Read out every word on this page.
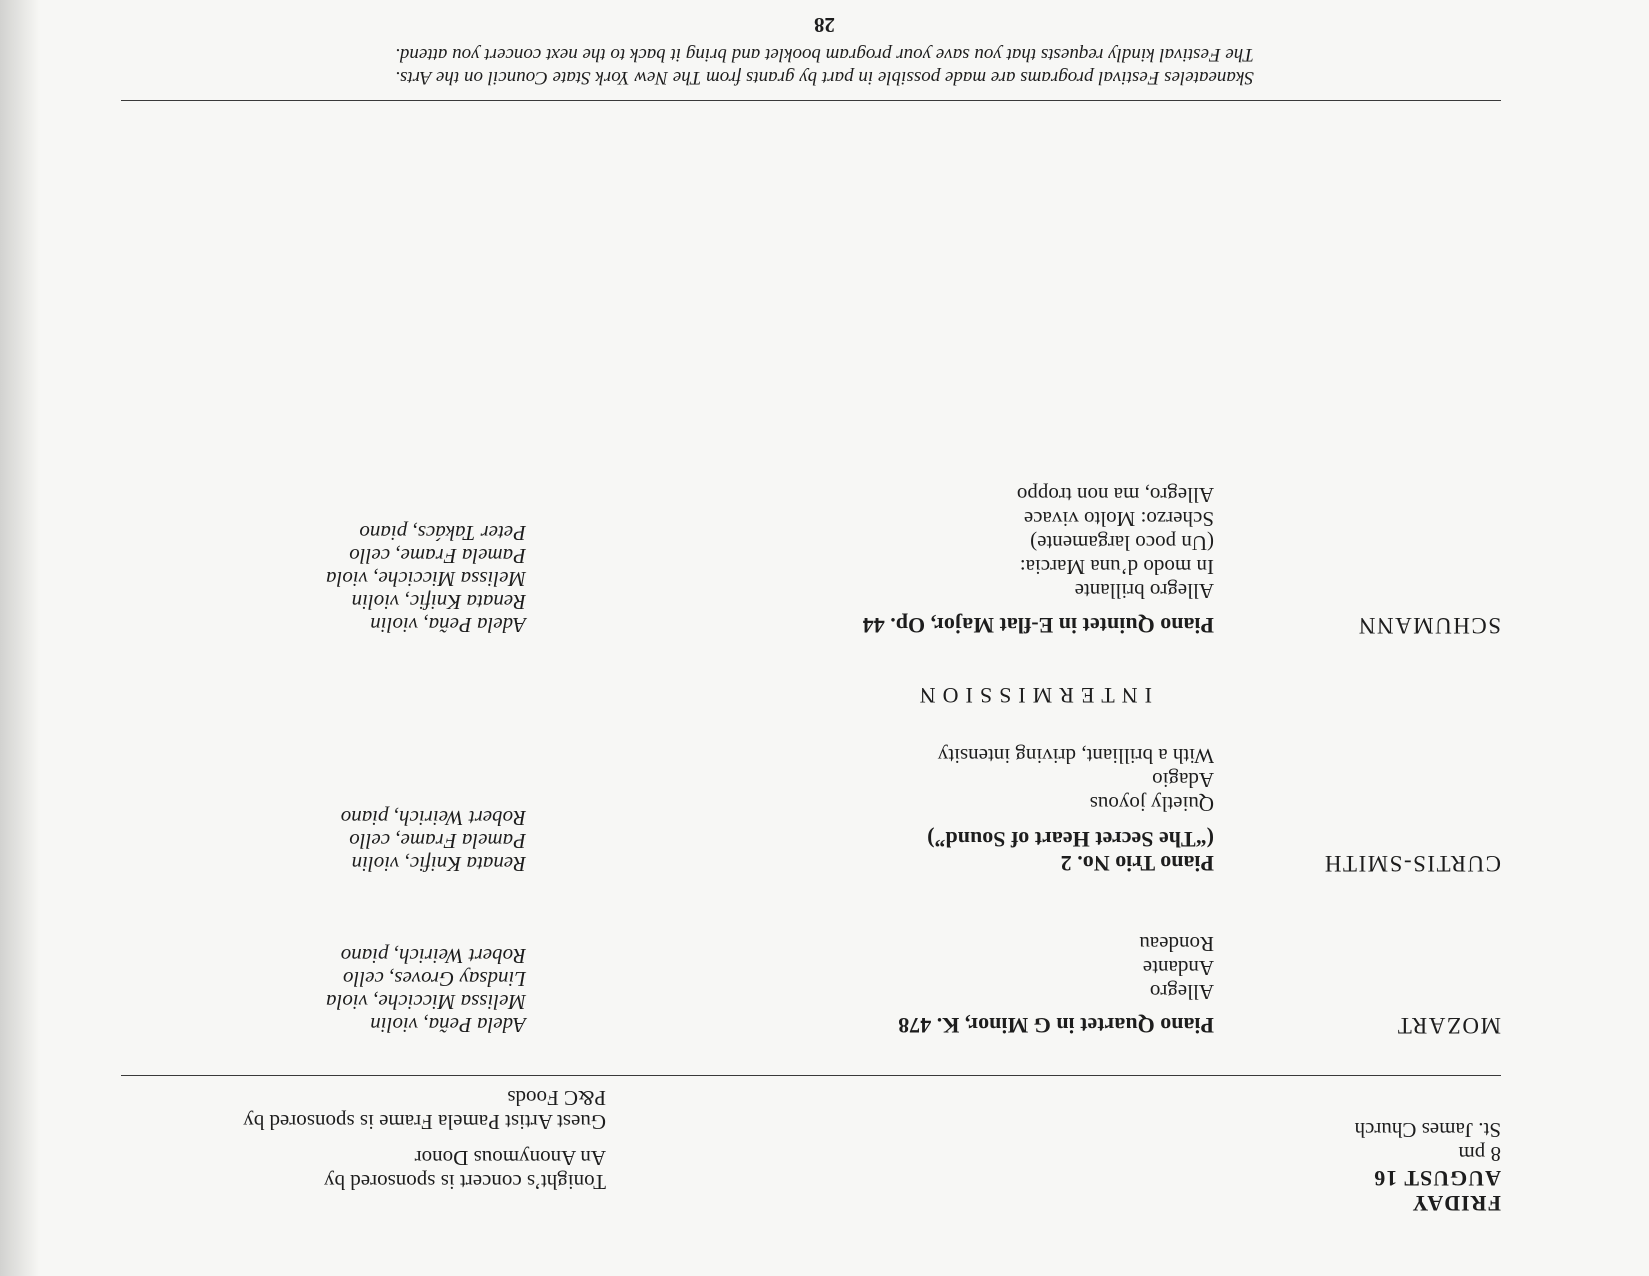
FRIDAY
AUGUST 16
8 pm
St. James Church
Tonight’s concert is sponsored by
An Anonymous Donor
Guest Artist Pamela Frame is sponsored by
P&C Foods
MOZART
Piano Quartet in G Minor, K. 478
Allegro
Andante
Rondeau
Adela Peña, violin
Melissa Micciche, viola
Lindsay Groves, cello
Robert Weirich, piano
CURTIS-SMITH
Piano Trio No. 2
(“The Secret Heart of Sound”)
Quietly joyous
Adagio
With a brilliant, driving intensity
Renata Knific, violin
Pamela Frame, cello
Robert Weirich, piano
INTERMISSION
SCHUMANN
Piano Quintet in E-flat Major, Op. 44
Allegro brillante
In modo d’una Marcia:
(Un poco largamente)
Scherzo: Molto vivace
Allegro, ma non troppo
Adela Peña, violin
Renata Knific, violin
Melissa Micciche, viola
Pamela Frame, cello
Peter Takács, piano
Skaneateles Festival programs are made possible in part by grants from The New York State Council on the Arts.
The Festival kindly requests that you save your program booklet and bring it back to the next concert you attend.
28
